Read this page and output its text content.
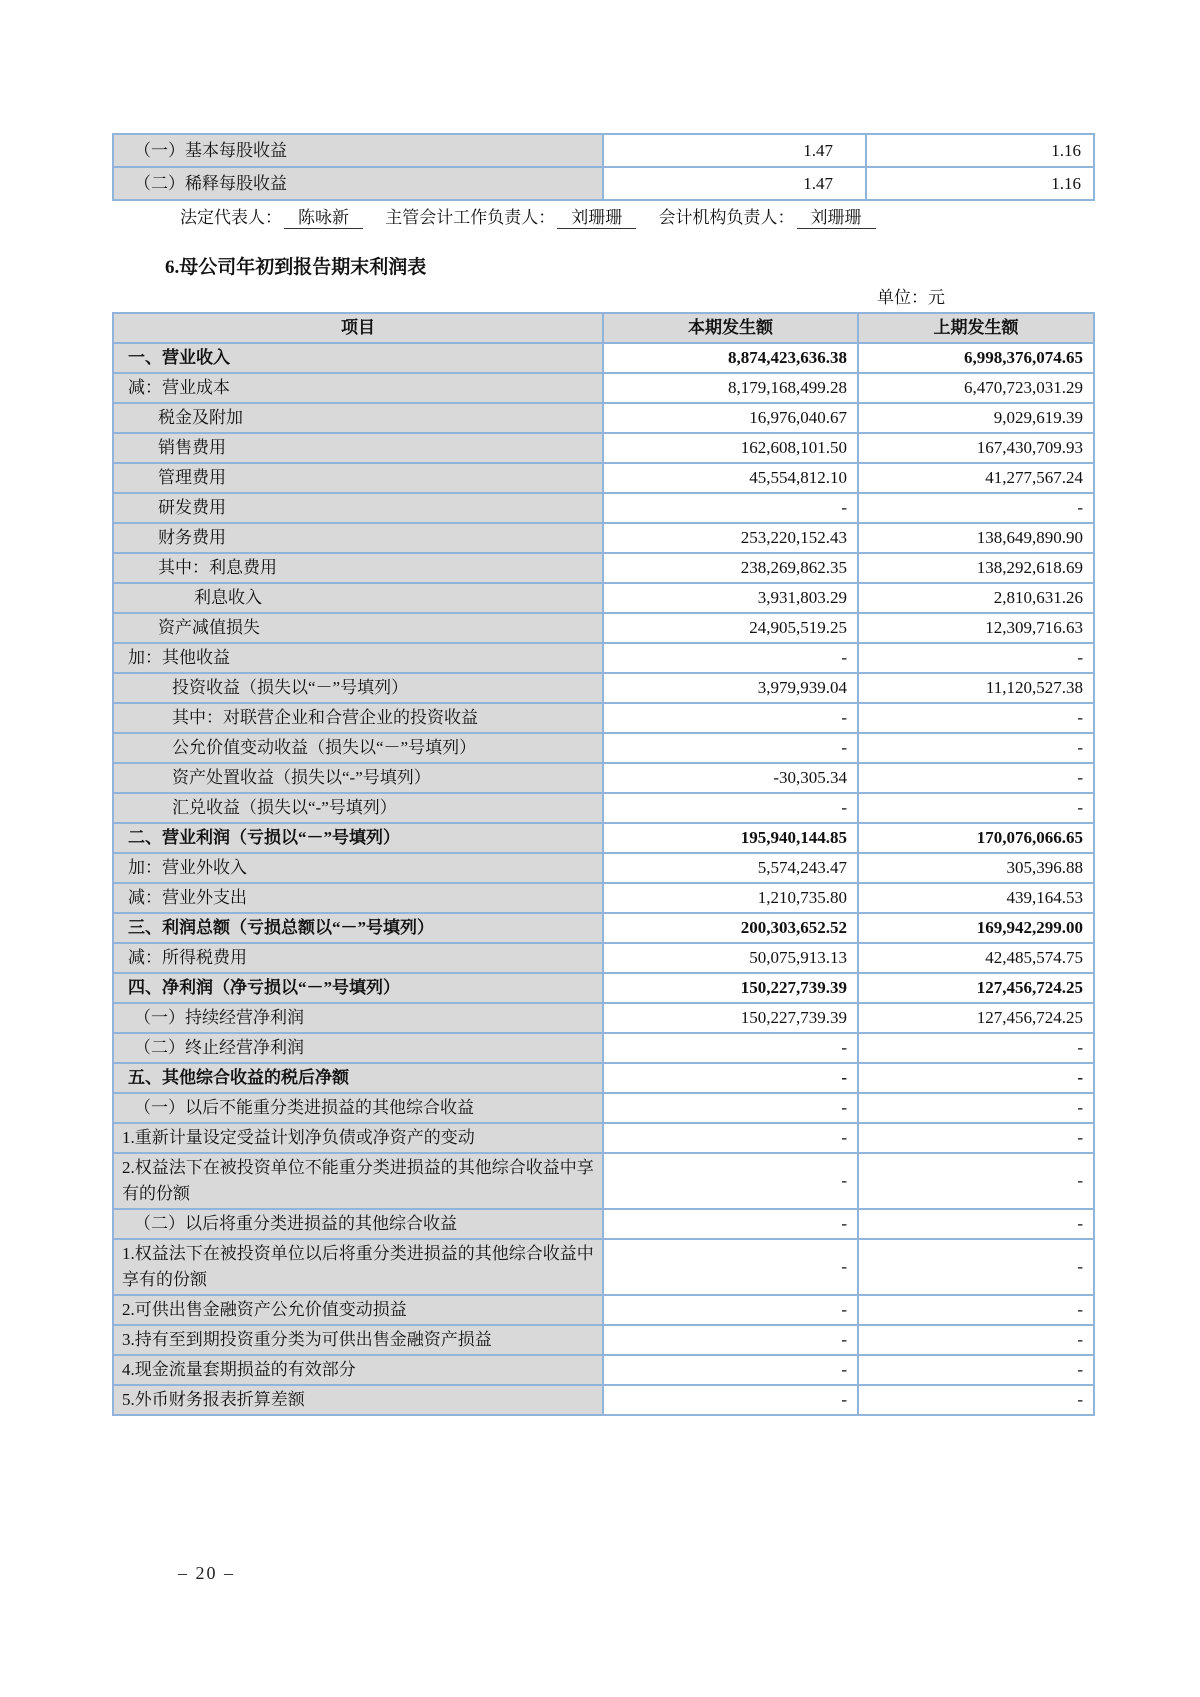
（一）基本每股收益	1.47	1.16
（二）稀释每股收益	1.47	1.16
法定代表人： 陈咏新 主管会计工作负责人： 刘珊珊 会计机构负责人： 刘珊珊
6.母公司年初到报告期末利润表
单位：元
项目	本期发生额	上期发生额
一、营业收入	8,874,423,636.38	6,998,376,074.65
减：营业成本	8,179,168,499.28	6,470,723,031.29
税金及附加	16,976,040.67	9,029,619.39
销售费用	162,608,101.50	167,430,709.93
管理费用	45,554,812.10	41,277,567.24
研发费用	-	-
财务费用	253,220,152.43	138,649,890.90
其中：利息费用	238,269,862.35	138,292,618.69
利息收入	3,931,803.29	2,810,631.26
资产减值损失	24,905,519.25	12,309,716.63
加：其他收益	-	-
投资收益（损失以“－”号填列）	3,979,939.04	11,120,527.38
其中：对联营企业和合营企业的投资收益	-	-
公允价值变动收益（损失以“－”号填列）	-	-
资产处置收益（损失以“-”号填列）	-30,305.34	-
汇兑收益（损失以“-”号填列）	-	-
二、营业利润（亏损以“－”号填列）	195,940,144.85	170,076,066.65
加：营业外收入	5,574,243.47	305,396.88
减：营业外支出	1,210,735.80	439,164.53
三、利润总额（亏损总额以“－”号填列）	200,303,652.52	169,942,299.00
减：所得税费用	50,075,913.13	42,485,574.75
四、净利润（净亏损以“－”号填列）	150,227,739.39	127,456,724.25
（一）持续经营净利润	150,227,739.39	127,456,724.25
（二）终止经营净利润	-	-
五、其他综合收益的税后净额	-	-
（一）以后不能重分类进损益的其他综合收益	-	-
1.重新计量设定受益计划净负债或净资产的变动	-	-
2.权益法下在被投资单位不能重分类进损益的其他综合收益中享有的份额	-	-
（二）以后将重分类进损益的其他综合收益	-	-
1.权益法下在被投资单位以后将重分类进损益的其他综合收益中享有的份额	-	-
2.可供出售金融资产公允价值变动损益	-	-
3.持有至到期投资重分类为可供出售金融资产损益	-	-
4.现金流量套期损益的有效部分	-	-
5.外币财务报表折算差额	-	-
– 20 –
